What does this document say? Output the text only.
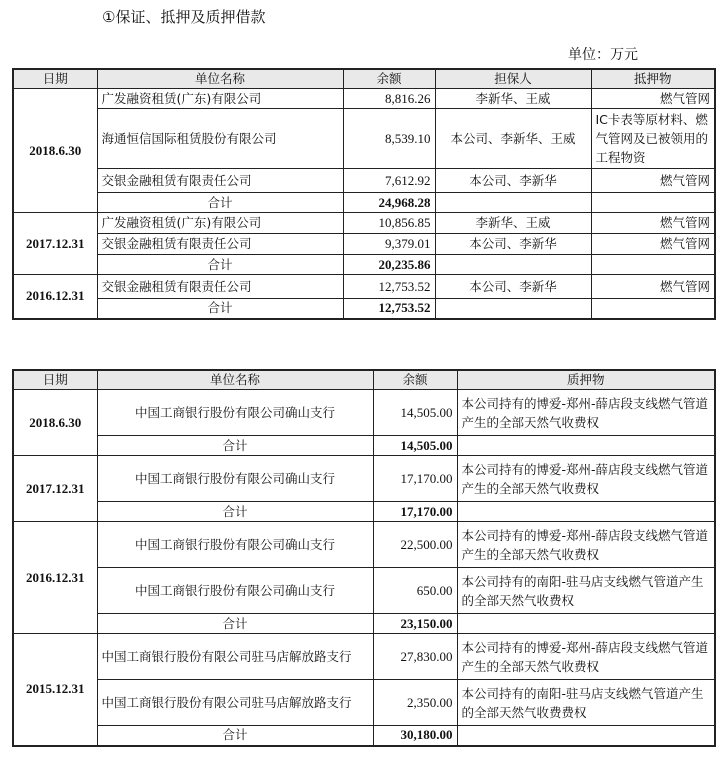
①保证、抵押及质押借款
单位：万元
日期	单位名称	余额	担保人	抵押物
2018.6.30	广发融资租赁(广东)有限公司	8,816.26	李新华、王威	燃气管网
	海通恒信国际租赁股份有限公司	8,539.10	本公司、李新华、王威	IC卡表等原材料、燃气管网及已被领用的工程物资
	交银金融租赁有限责任公司	7,612.92	本公司、李新华	燃气管网
	合计	24,968.28		
2017.12.31	广发融资租赁(广东)有限公司	10,856.85	李新华、王威	燃气管网
	交银金融租赁有限责任公司	9,379.01	本公司、李新华	燃气管网
	合计	20,235.86		
2016.12.31	交银金融租赁有限责任公司	12,753.52	本公司、李新华	燃气管网
	合计	12,753.52		
日期	单位名称	余额	质押物
2018.6.30	中国工商银行股份有限公司确山支行	14,505.00	本公司持有的博爱-郑州-薛店段支线燃气管道产生的全部天然气收费权
	合计	14,505.00	
2017.12.31	中国工商银行股份有限公司确山支行	17,170.00	本公司持有的博爱-郑州-薛店段支线燃气管道产生的全部天然气收费权
	合计	17,170.00	
2016.12.31	中国工商银行股份有限公司确山支行	22,500.00	本公司持有的博爱-郑州-薛店段支线燃气管道产生的全部天然气收费权
	中国工商银行股份有限公司确山支行	650.00	本公司持有的南阳-驻马店支线燃气管道产生的全部天然气收费权
	合计	23,150.00	
2015.12.31	中国工商银行股份有限公司驻马店解放路支行	27,830.00	本公司持有的博爱-郑州-薛店段支线燃气管道产生的全部天然气收费权
	中国工商银行股份有限公司驻马店解放路支行	2,350.00	本公司持有的南阳-驻马店支线燃气管道产生的全部天然气收费费权
	合计	30,180.00	
